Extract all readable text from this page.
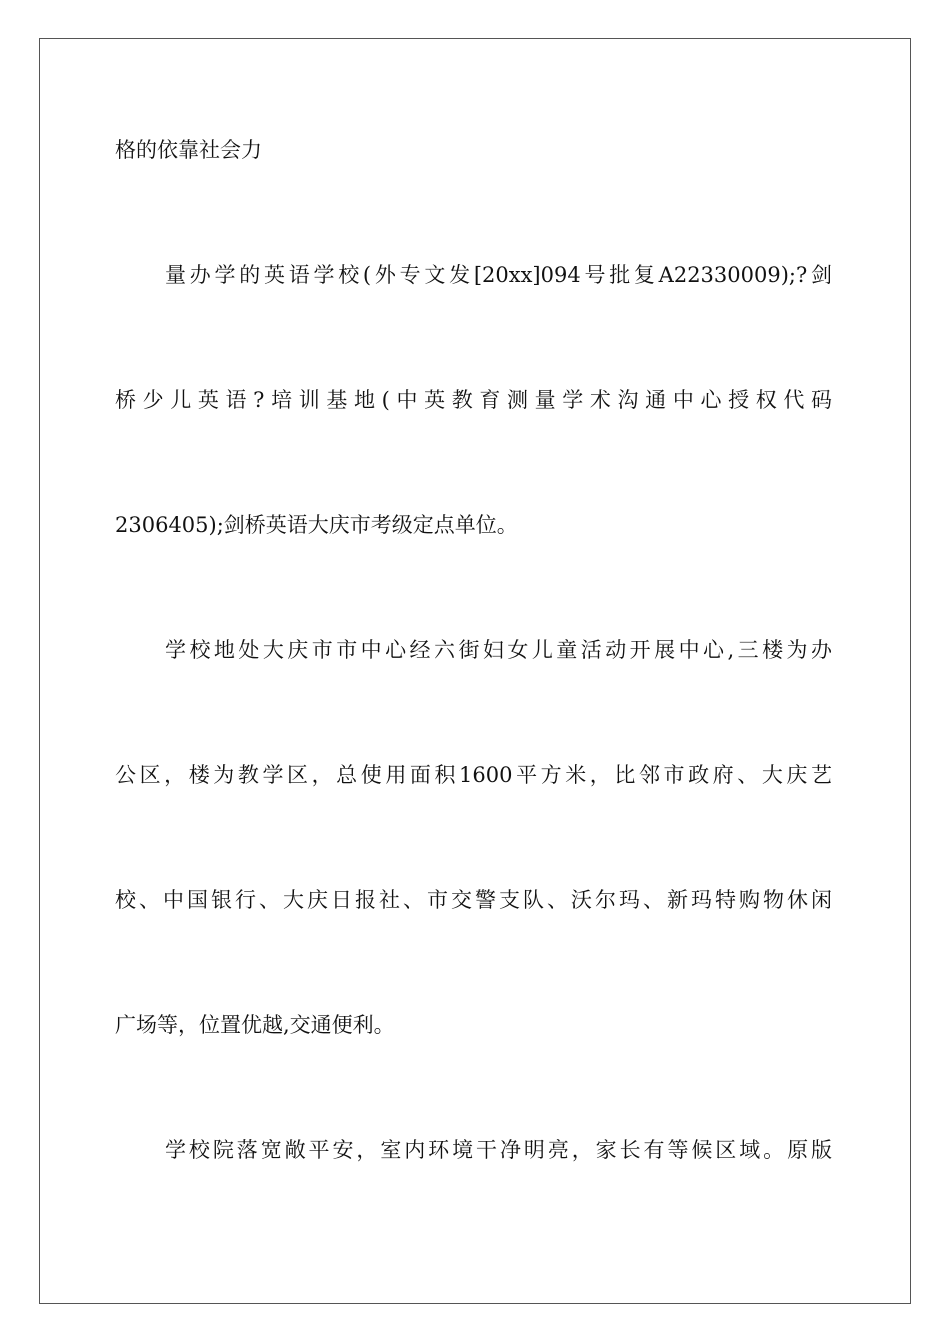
格的依靠社会力
量办学的英语学校(外专文发[20xx]094号批复A22330009);?剑
桥少儿英语?培训基地(中英教育测量学术沟通中心授权代码
2306405);剑桥英语大庆市考级定点单位。
学校地处大庆市市中心经六街妇女儿童活动开展中心,三楼为办
公区，楼为教学区，总使用面积1600平方米，比邻市政府、大庆艺
校、中国银行、大庆日报社、市交警支队、沃尔玛、新玛特购物休闲
广场等，位置优越,交通便利。
学校院落宽敞平安，室内环境干净明亮，家长有等候区域。原版
